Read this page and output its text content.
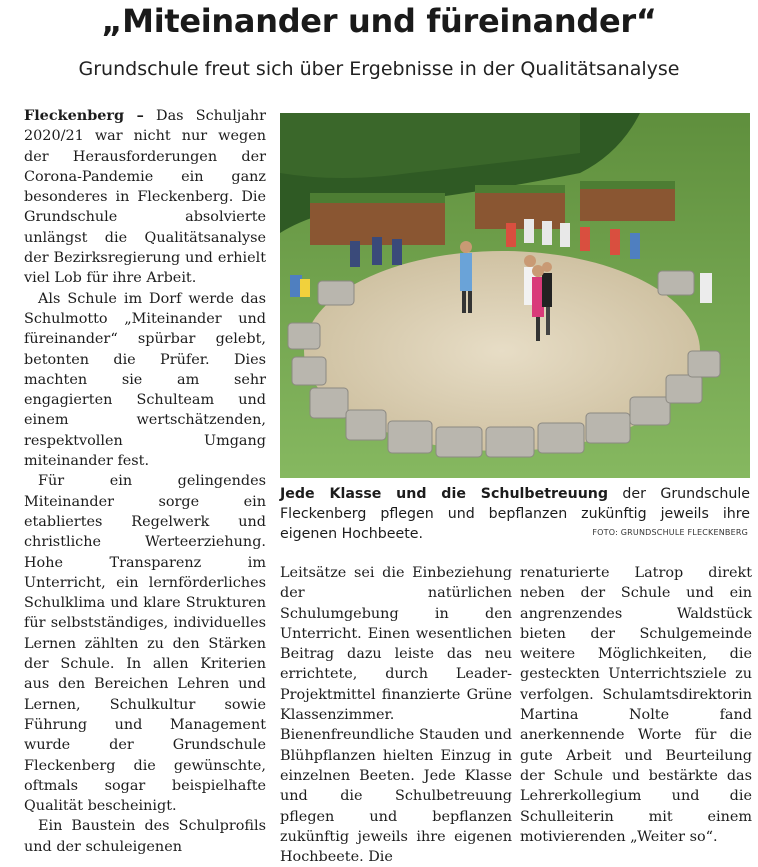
„Miteinander und füreinander“
Grundschule freut sich über Ergebnisse in der Qualitätsanalyse

Fleckenberg – Das Schuljahr 2020/21 war nicht nur wegen der Herausforderungen der Corona-Pandemie ein ganz besonderes in Fleckenberg. Die Grundschule absolvierte unlängst die Qualitätsanalyse der Bezirksregierung und erhielt viel Lob für ihre Arbeit.

Als Schule im Dorf werde das Schulmotto „Miteinander und füreinander“ spürbar gelebt, betonten die Prüfer. Dies machten sie am sehr engagierten Schulteam und einem wertschätzenden, respektvollen Umgang miteinander fest.

Für ein gelingendes Miteinander sorge ein etabliertes Regelwerk und christliche Werteerziehung. Hohe Transparenz im Unterricht, ein lernförderliches Schulklima und klare Strukturen für selbstständiges, individuelles Lernen zählten zu den Stärken der Schule. In allen Kriterien aus den Bereichen Lehren und Lernen, Schulkultur sowie Führung und Management wurde der Grundschule Fleckenberg die gewünschte, oftmals sogar beispielhafte Qualität bescheinigt.

Ein Baustein des Schulprofils und der schuleigenen

Jede Klasse und die Schulbetreuung der Grundschule Fleckenberg pflegen und bepflanzen zukünftig jeweils ihre eigenen Hochbeete.	FOTO: GRUNDSCHULE FLECKENBERG

Leitsätze sei die Einbeziehung der natürlichen Schulumgebung in den Unterricht. Einen wesentlichen Beitrag dazu leiste das neu errichtete, durch Leader-Projektmittel finanzierte Grüne Klassenzimmer. Bienenfreundliche Stauden und Blühpflanzen hielten Einzug in einzelnen Beeten. Jede Klasse und die Schulbetreuung pflegen und bepflanzen zukünftig jeweils ihre eigenen Hochbeete. Die

renaturierte Latrop direkt neben der Schule und ein angrenzendes Waldstück bieten der Schulgemeinde weitere Möglichkeiten, die gesteckten Unterrichtsziele zu verfolgen. Schulamtsdirektorin Martina Nolte fand anerkennende Worte für die gute Arbeit und Beurteilung der Schule und bestärkte das Lehrerkollegium und die Schulleiterin mit einem motivierenden „Weiter so“.
